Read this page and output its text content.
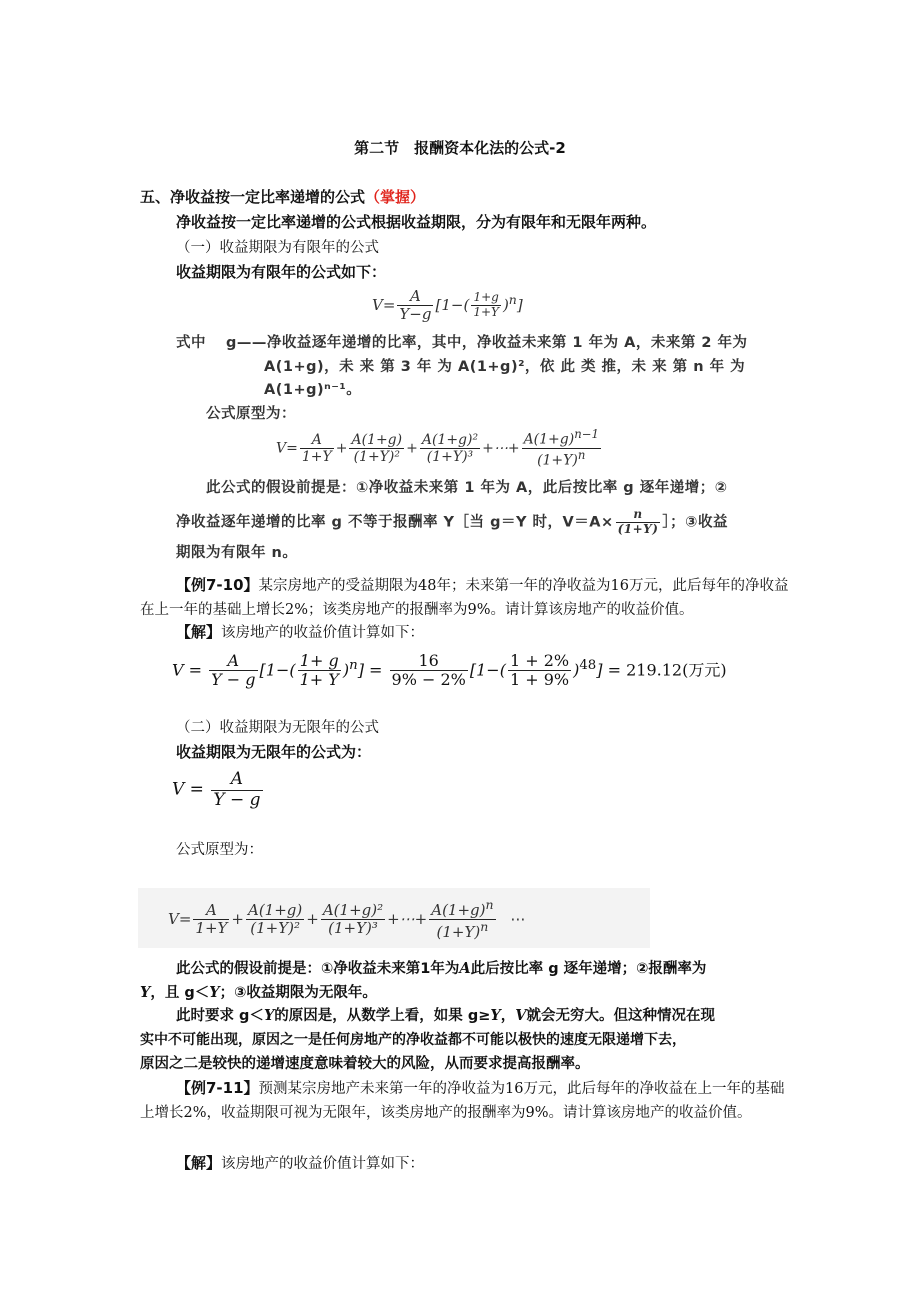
第二节　报酬资本化法的公式-2
五、净收益按一定比率递增的公式（掌握）
净收益按一定比率递增的公式根据收益期限，分为有限年和无限年两种。
（一）收益期限为有限年的公式
收益期限为有限年的公式如下：
$V= \frac{A}{Y-g} [1-( \frac{1+g}{1+Y} )^n]$
式中 g——净收益逐年递增的比率，其中，净收益未来第 1 年为 A，未来第 2 年为
A(1+g)，未 来 第 3 年 为 A(1+g)²，依 此 类 推，未 来 第 n 年 为
A(1+g)ⁿ⁻¹。
公式原型为：
$V= \frac{A}{1+Y} + \frac{A(1+g)}{\text{(1+Y)²}} + \frac{\text{A(1+g)²}}{\text{(1+Y)³}}$ +⋯+ $\frac{A(1+g)^{n-1}}{(1+Y)^n}$
此公式的假设前提是：①净收益未来第 1 年为 A，此后按比率 g 逐年递增；②
净收益逐年递增的比率 g 不等于报酬率 Y［当 g＝Y 时，$V=A\times \frac{n}{(1+Y)}$ ］；③收益
期限为有限年 n。
【例7-10】某宗房地产的受益期限为48年；未来第一年的净收益为16万元，此后每年的净收益在上一年的基础上增长2%；该类房地产的报酬率为9%。请计算该房地产的收益价值。
【解】该房地产的收益价值计算如下：
$V = \frac{A}{Y - g} [1-( \frac{1+ g}{1+ Y} )^n] = \frac{16}{9\% - 2\%} [1-( \frac{1 + 2\%}{1 + 9\%} )^{48}] = 219.12$(万元)
（二）收益期限为无限年的公式
收益期限为无限年的公式为：
$V = \frac{A}{Y - g}$
公式原型为：
$V= \frac{A}{1+Y} + \frac{A(1+g)}{\text{(1+Y)²}} + \frac{\text{A(1+g)²}}{\text{(1+Y)³}}$ +⋯+ $\frac{A(1+g)^n}{(1+Y)^n}$ ⋯
此公式的假设前提是：①净收益未来第1年为A此后按比率 g 逐年递增；②报酬率为
Y，且 g＜Y；③收益期限为无限年。
此时要求 g＜Y的原因是，从数学上看，如果 g≥Y，V就会无穷大。但这种情况在现
实中不可能出现，原因之一是任何房地产的净收益都不可能以极快的速度无限递增下去，
原因之二是较快的递增速度意味着较大的风险，从而要求提高报酬率。
【例7-11】预测某宗房地产未来第一年的净收益为16万元，此后每年的净收益在上一年的基础上增长2%，收益期限可视为无限年，该类房地产的报酬率为9%。请计算该房地产的收益价值。
【解】该房地产的收益价值计算如下：
